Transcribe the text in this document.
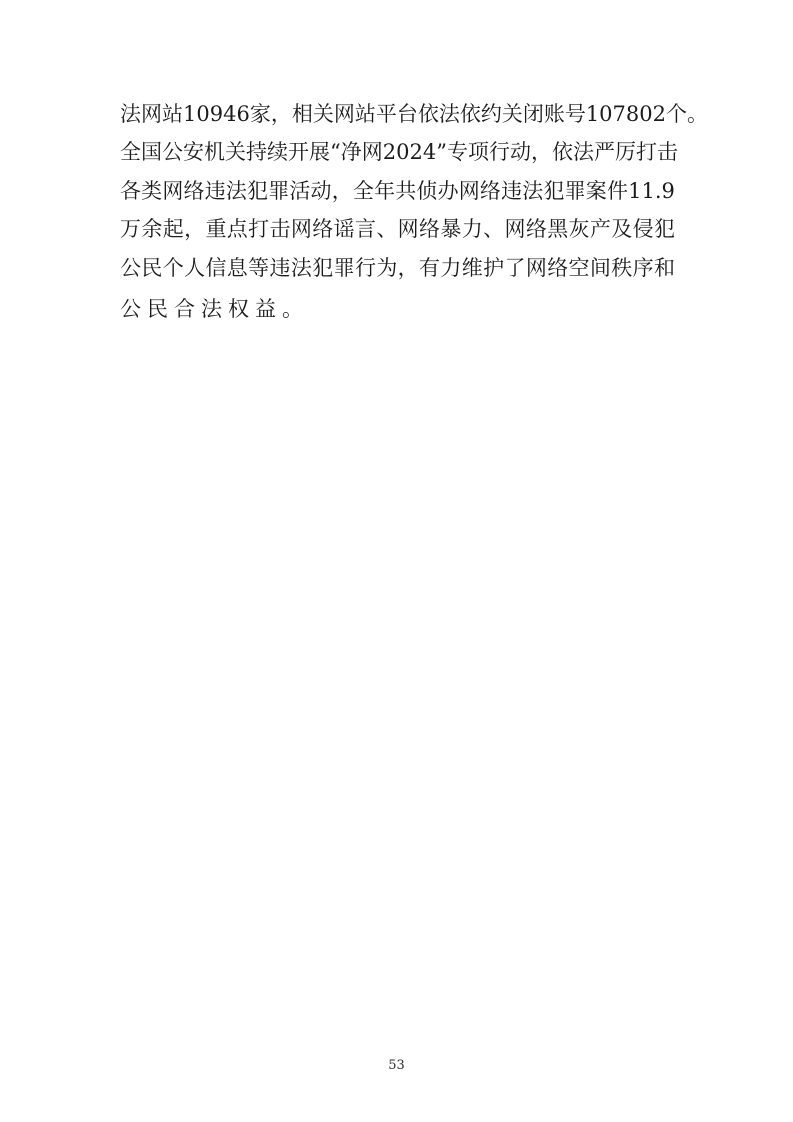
法 网 站 10946 家 ， 相 关 网 站 平 台 依 法 依 约 关 闭 账 号 107802 个 。
全 国 公 安 机 关 持 续 开 展 “ 净 网 2024 ” 专 项 行 动 ， 依 法 严 厉 打 击
各 类 网 络 违 法 犯 罪 活 动 ， 全 年 共 侦 办 网 络 违 法 犯 罪 案 件 11.9
万 余 起 ， 重 点 打 击 网 络 谣 言 、 网 络 暴 力 、 网 络 黑 灰 产 及 侵 犯
公 民 个 人 信 息 等 违 法 犯 罪 行 为 ， 有 力 维 护 了 网 络 空 间 秩 序 和
公民合法权益。
53
